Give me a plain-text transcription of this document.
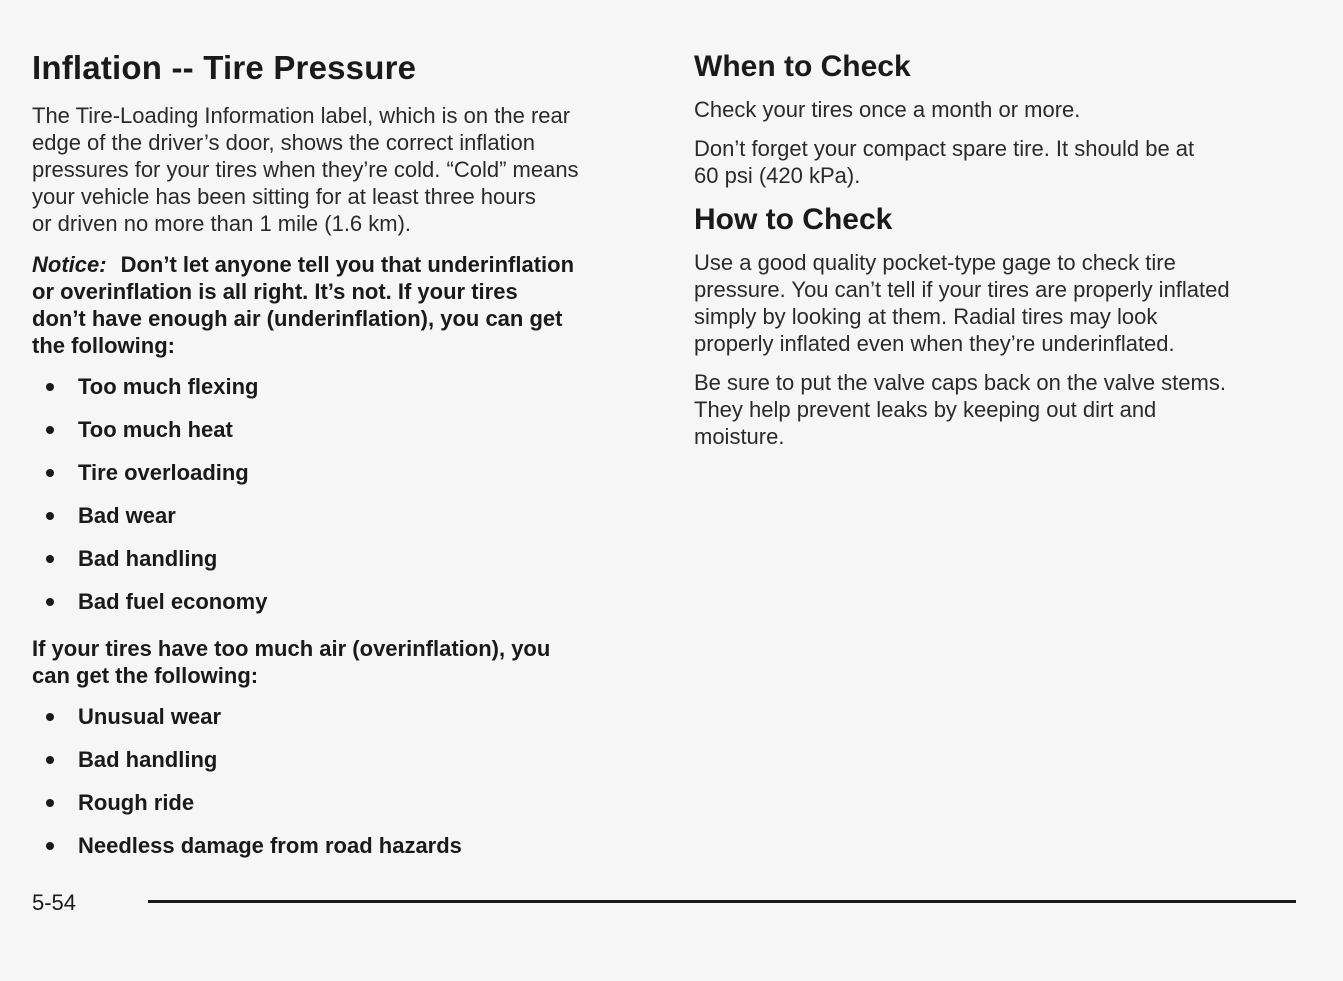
Inflation -- Tire Pressure

The Tire-Loading Information label, which is on the rear
edge of the driver’s door, shows the correct inflation
pressures for your tires when they’re cold. “Cold” means
your vehicle has been sitting for at least three hours
or driven no more than 1 mile (1.6 km).

Notice: Don’t let anyone tell you that underinflation
or overinflation is all right. It’s not. If your tires
don’t have enough air (underinflation), you can get
the following:

Too much flexing
Too much heat
Tire overloading
Bad wear
Bad handling
Bad fuel economy

If your tires have too much air (overinflation), you
can get the following:

Unusual wear
Bad handling
Rough ride
Needless damage from road hazards
When to Check

Check your tires once a month or more.

Don’t forget your compact spare tire. It should be at
60 psi (420 kPa).

How to Check

Use a good quality pocket-type gage to check tire
pressure. You can’t tell if your tires are properly inflated
simply by looking at them. Radial tires may look
properly inflated even when they’re underinflated.

Be sure to put the valve caps back on the valve stems.
They help prevent leaks by keeping out dirt and
moisture.

5-54
